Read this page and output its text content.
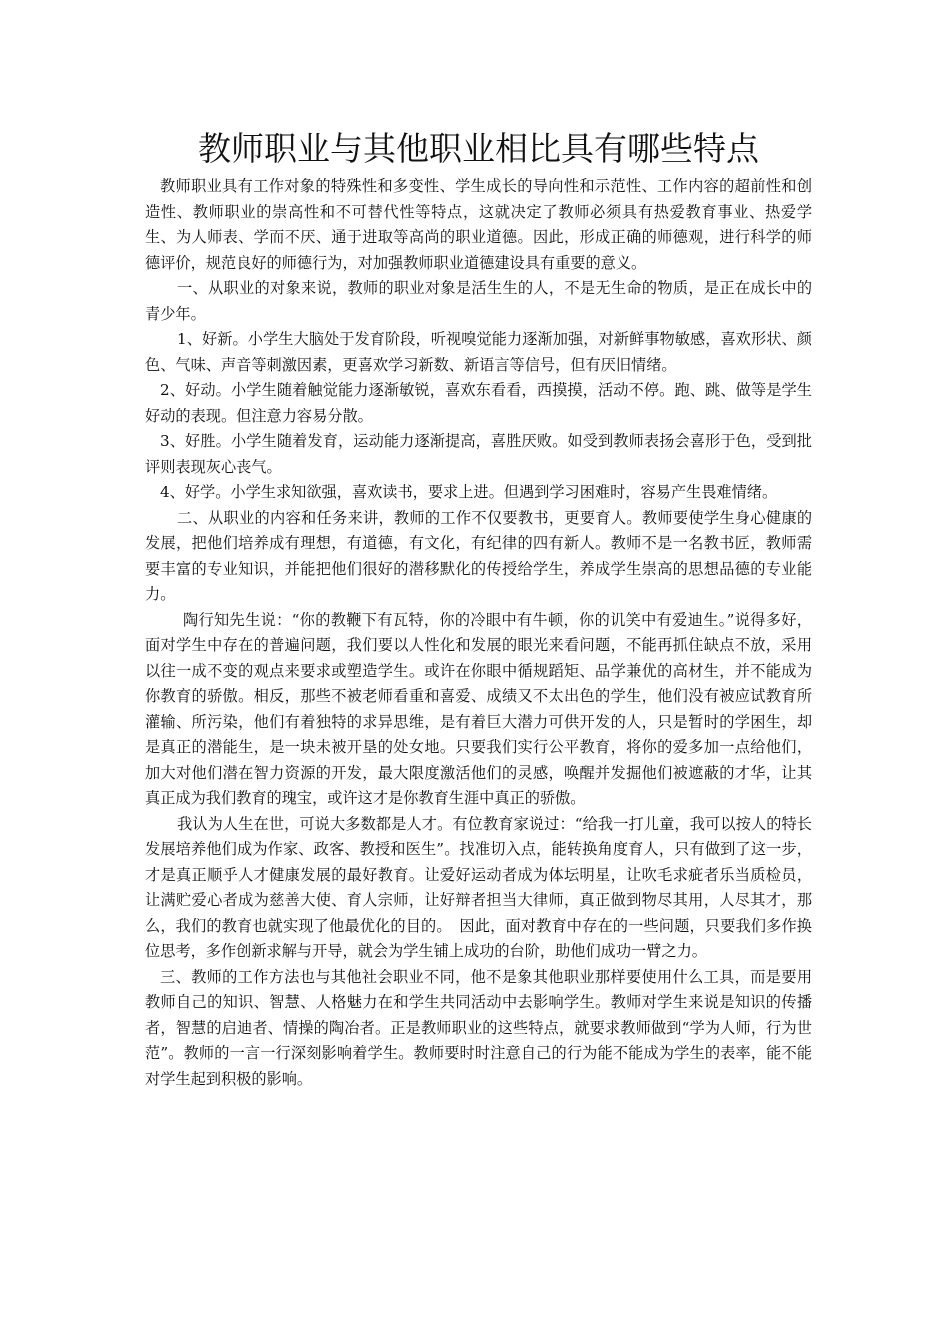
教师职业与其他职业相比具有哪些特点

教师职业具有工作对象的特殊性和多变性、学生成长的导向性和示范性、工作内容的超前性和创造性、教师职业的崇高性和不可替代性等特点，这就决定了教师必须具有热爱教育事业、热爱学生、为人师表、学而不厌、通于进取等高尚的职业道德。因此，形成正确的师德观，进行科学的师德评价，规范良好的师德行为，对加强教师职业道德建设具有重要的意义。

一、从职业的对象来说，教师的职业对象是活生生的人，不是无生命的物质，是正在成长中的青少年。

1、好新。小学生大脑处于发育阶段，听视嗅觉能力逐渐加强，对新鲜事物敏感，喜欢形状、颜色、气味、声音等刺激因素，更喜欢学习新数、新语言等信号，但有厌旧情绪。

2、好动。小学生随着触觉能力逐渐敏锐，喜欢东看看，西摸摸，活动不停。跑、跳、做等是学生好动的表现。但注意力容易分散。

3、好胜。小学生随着发育，运动能力逐渐提高，喜胜厌败。如受到教师表扬会喜形于色，受到批评则表现灰心丧气。

4、好学。小学生求知欲强，喜欢读书，要求上进。但遇到学习困难时，容易产生畏难情绪。

二、从职业的内容和任务来讲，教师的工作不仅要教书，更要育人。教师要使学生身心健康的发展，把他们培养成有理想，有道德，有文化，有纪律的四有新人。教师不是一名教书匠，教师需要丰富的专业知识，并能把他们很好的潜移默化的传授给学生，养成学生崇高的思想品德的专业能力。

陶行知先生说：“你的教鞭下有瓦特，你的冷眼中有牛顿，你的讥笑中有爱迪生。”说得多好，面对学生中存在的普遍问题，我们要以人性化和发展的眼光来看问题，不能再抓住缺点不放，采用以往一成不变的观点来要求或塑造学生。或许在你眼中循规蹈矩、品学兼优的高材生，并不能成为你教育的骄傲。相反，那些不被老师看重和喜爱、成绩又不太出色的学生，他们没有被应试教育所灌输、所污染，他们有着独特的求异思维，是有着巨大潜力可供开发的人，只是暂时的学困生，却是真正的潜能生，是一块未被开垦的处女地。只要我们实行公平教育，将你的爱多加一点给他们，加大对他们潜在智力资源的开发，最大限度激活他们的灵感，唤醒并发掘他们被遮蔽的才华，让其真正成为我们教育的瑰宝，或许这才是你教育生涯中真正的骄傲。

我认为人生在世，可说大多数都是人才。有位教育家说过：“给我一打儿童，我可以按人的特长发展培养他们成为作家、政客、教授和医生”。找准切入点，能转换角度育人，只有做到了这一步，才是真正顺乎人才健康发展的最好教育。让爱好运动者成为体坛明星，让吹毛求疵者乐当质检员，让满贮爱心者成为慈善大使、育人宗师，让好辩者担当大律师，真正做到物尽其用，人尽其才，那么，我们的教育也就实现了他最优化的目的。　因此，面对教育中存在的一些问题，只要我们多作换位思考，多作创新求解与开导，就会为学生铺上成功的台阶，助他们成功一臂之力。

三、教师的工作方法也与其他社会职业不同，他不是象其他职业那样要使用什么工具，而是要用教师自己的知识、智慧、人格魅力在和学生共同活动中去影响学生。教师对学生来说是知识的传播者，智慧的启迪者、情操的陶冶者。正是教师职业的这些特点，就要求教师做到“学为人师，行为世范”。教师的一言一行深刻影响着学生。教师要时时注意自己的行为能不能成为学生的表率，能不能对学生起到积极的影响。
